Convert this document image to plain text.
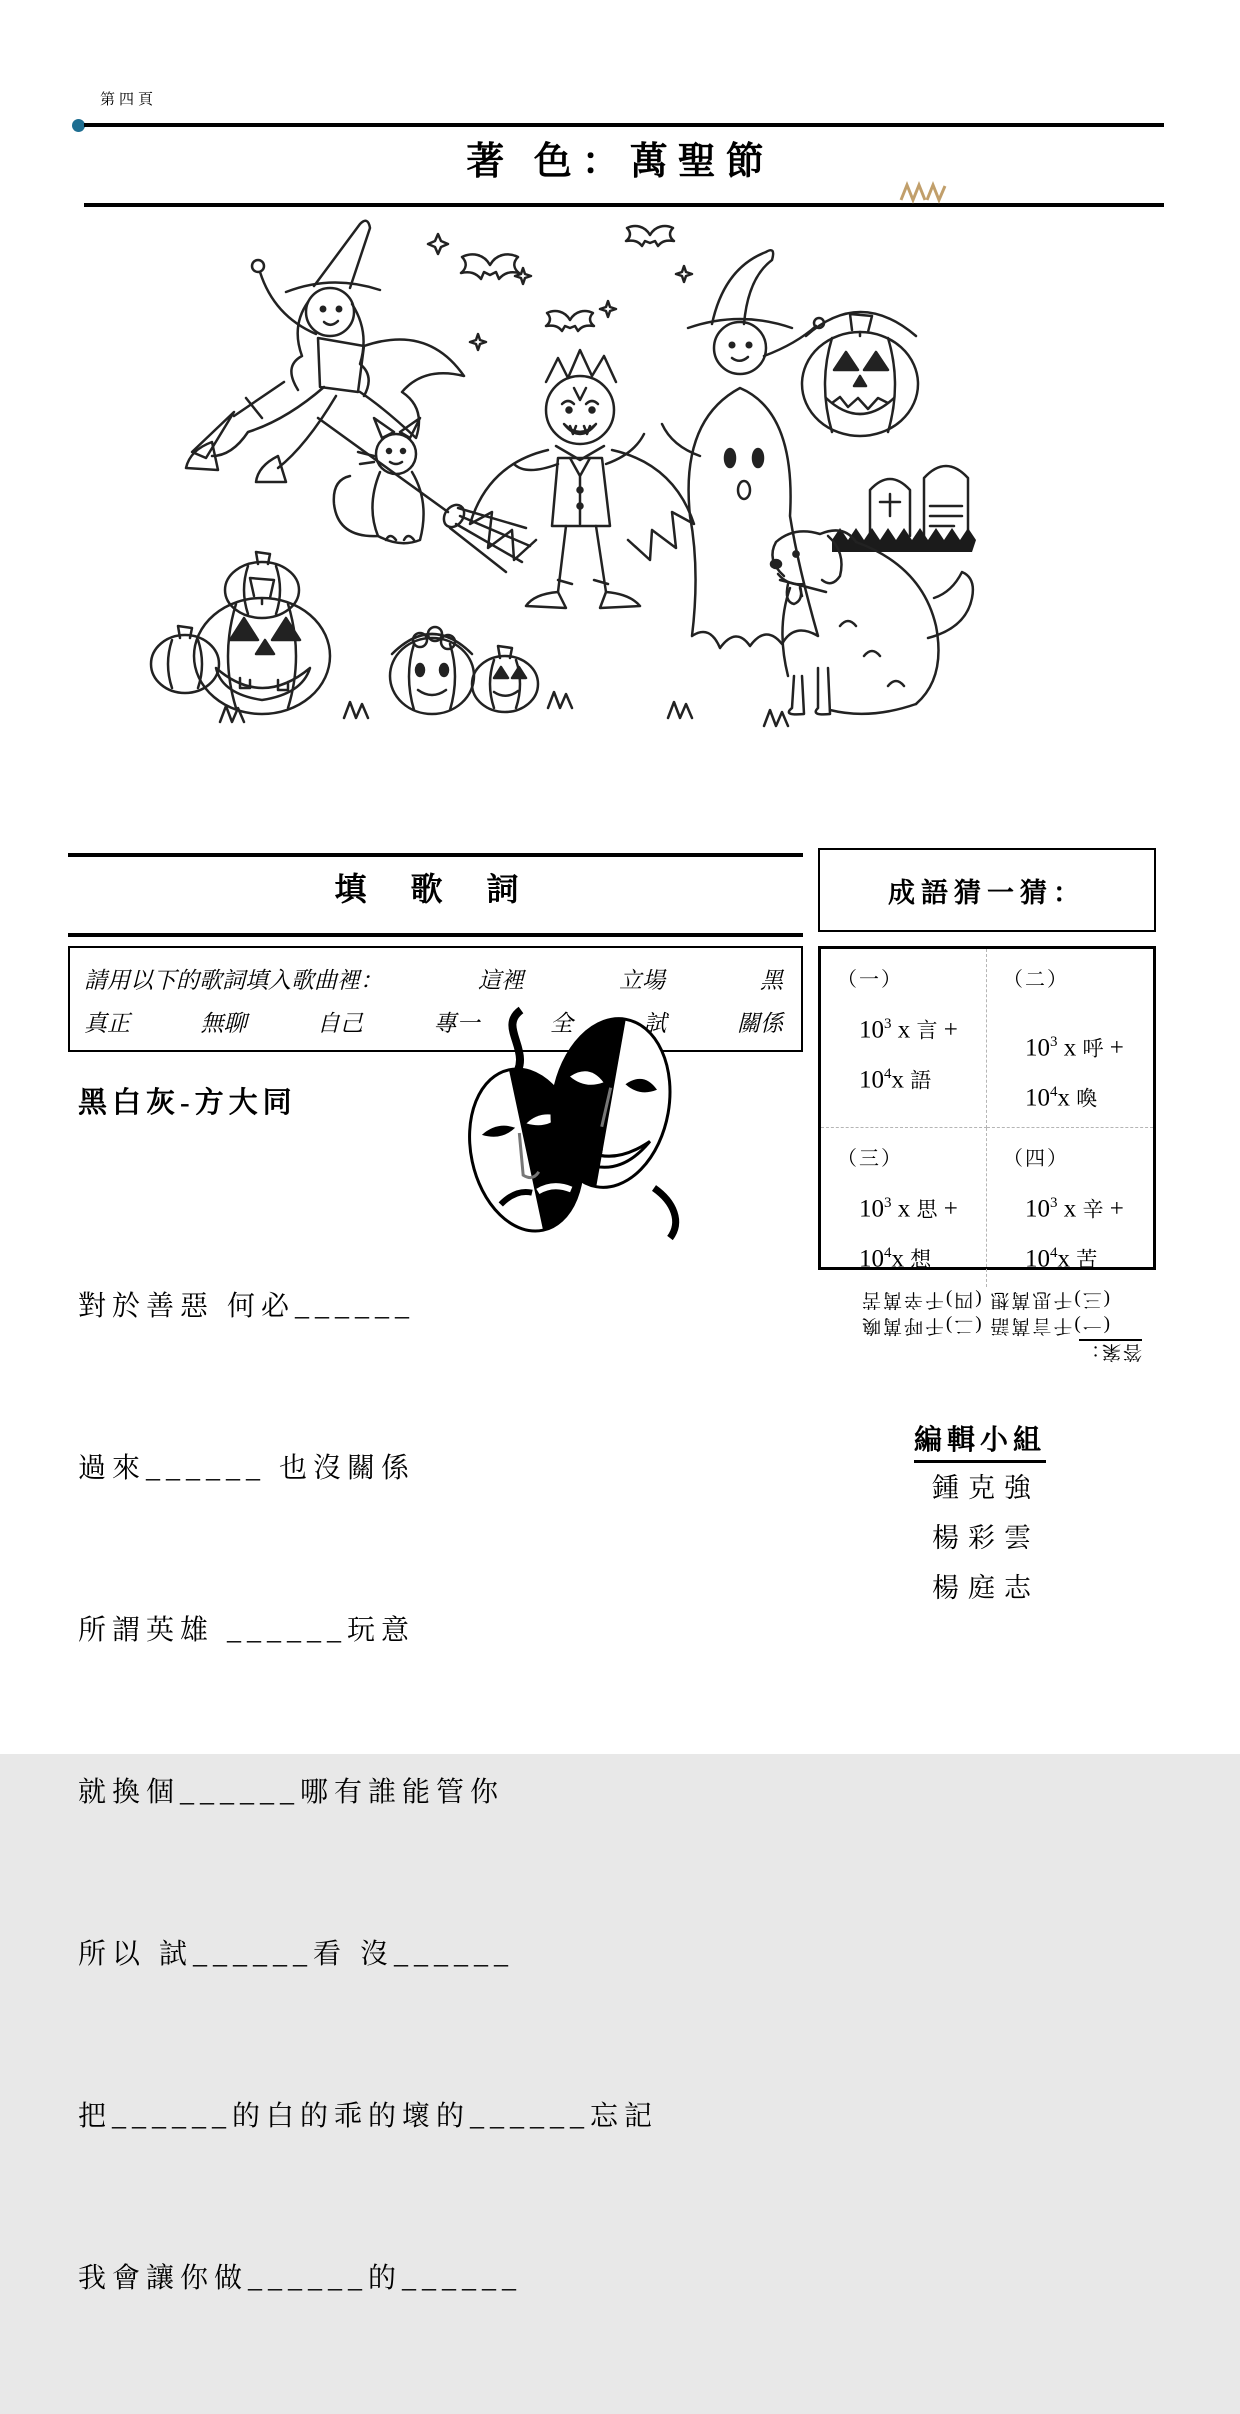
第四頁
著 色：萬聖節
填 歌 詞
請用以下的歌詞填入歌曲裡：	這裡	立場	黑
真正	無聊	自己	專一	全	試	關係
黑白灰-方大同

對於善惡 何必______

過來______ 也沒關係

所謂英雄 ______玩意

就換個______哪有誰能管你

所以 試______看 沒______

把______的白的乖的壞的______忘記

我會讓你做______的______

成語猜一猜：
（一）
$10^3$ x 言 +
$10^4x$ 語
（二）
$10^3$ x 呼 +
$10^4x$ 喚
（三）
$10^3$ x 思 +
$10^4x$ 想
（四）
$10^3$ x 辛 +
$10^4x$ 苦
答案：
(一)千言萬語 (二)千呼萬喚
(三)千思萬想 (四)千辛萬苦
編輯小組
鍾克強
楊彩雲
楊庭志
